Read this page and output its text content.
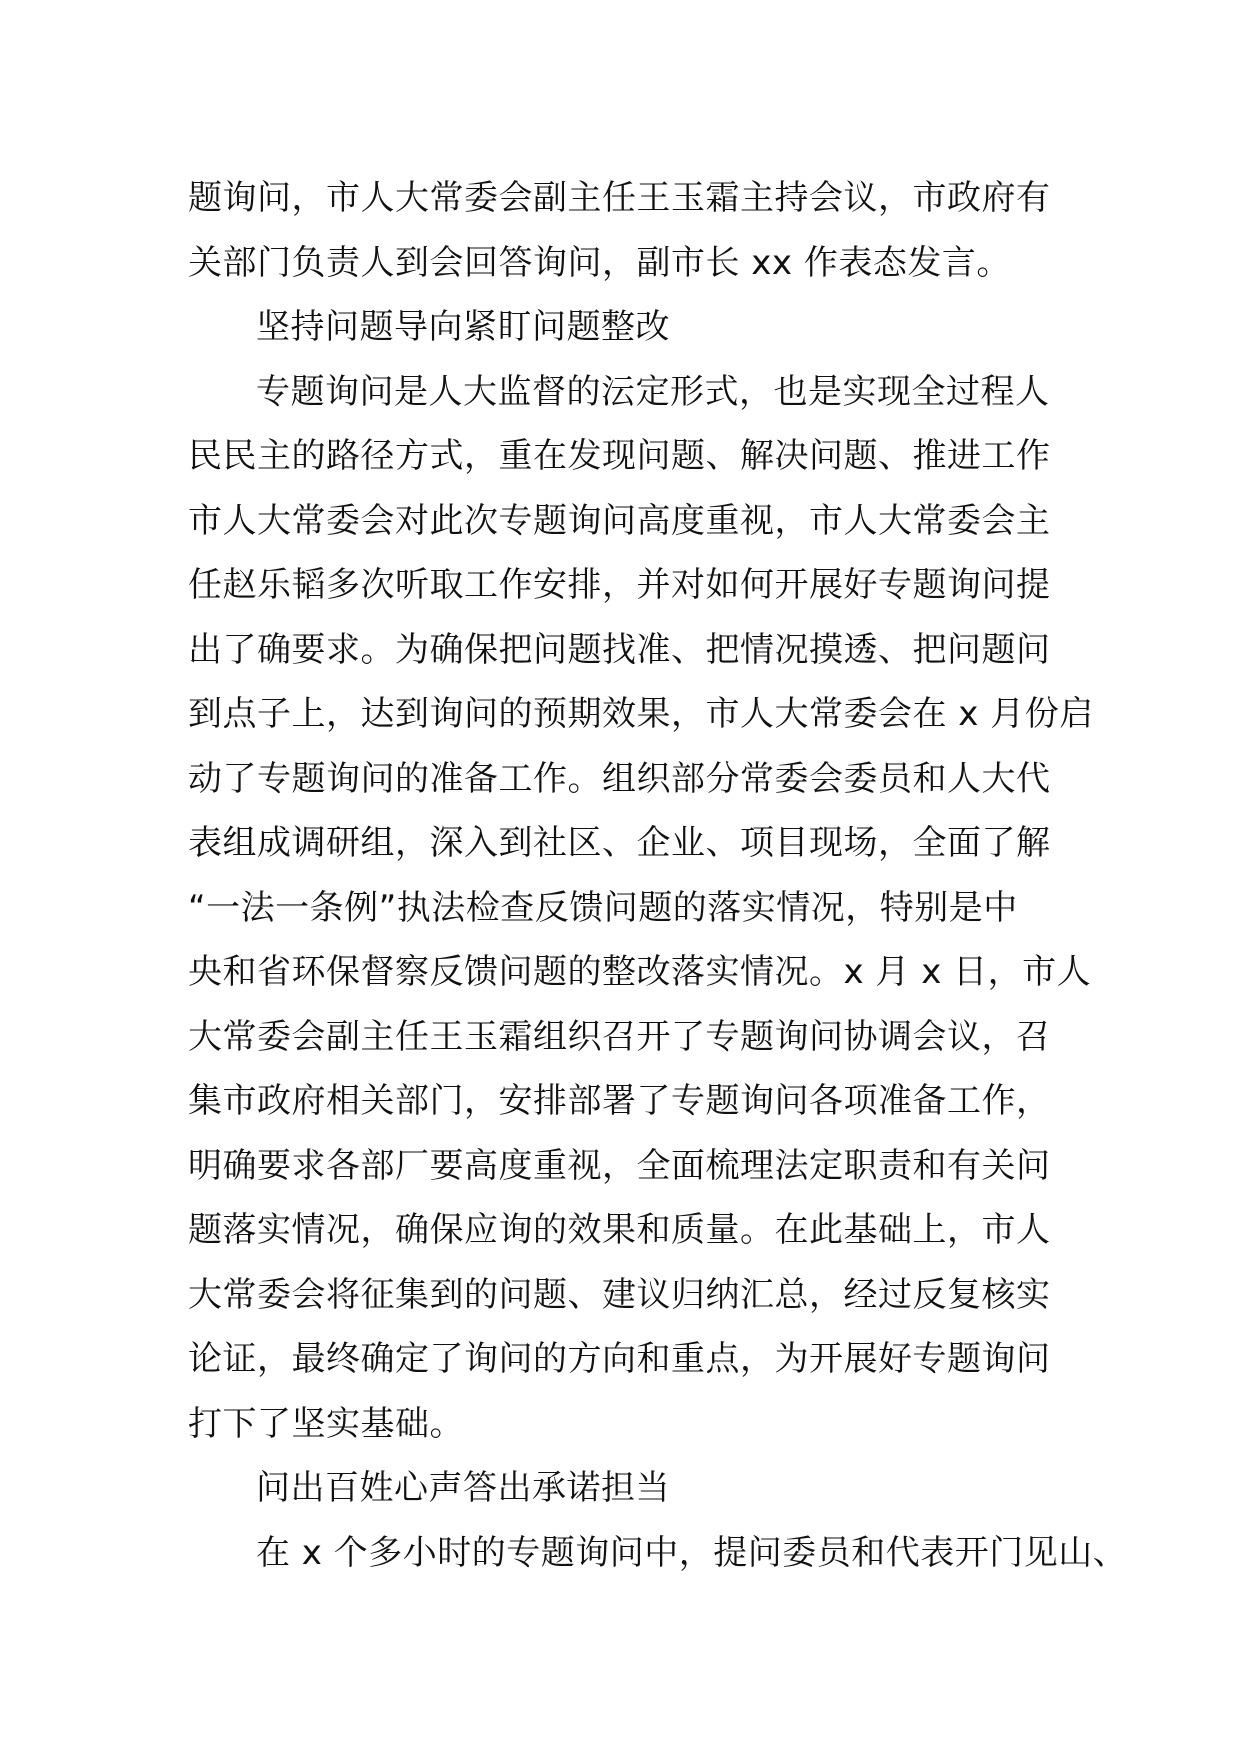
题询问，市人大常委会副主任王玉霜主持会议，市政府有
关部门负责人到会回答询问，副市长 xx 作表态发言。
坚持问题导向紧盯问题整改
专题询问是人大监督的沄定形式，也是实现全过程人
民民主的路径方式，重在发现问题、解决问题、推进工作
市人大常委会对此次专题询问高度重视，市人大常委会主
任赵乐韬多次听取工作安排，并对如何开展好专题询问提
出了确要求。为确保把问题找准、把情况摸透、把问题问
到点子上，达到询问的预期效果，市人大常委会在 x 月份启
动了专题询问的准备工作。组织部分常委会委员和人大代
表组成调研组，深入到社区、企业、项目现场，全面了解
“一法一条例”执法检查反馈问题的落实情况，特别是中
央和省环保督察反馈问题的整改落实情况。x 月 x 日，市人
大常委会副主任王玉霜组织召开了专题询问协调会议，召
集市政府相关部门，安排部署了专题询问各项准备工作，
明确要求各部厂要高度重视，全面梳理法定职责和有关问
题落实情况，确保应询的效果和质量。在此基础上，市人
大常委会将征集到的问题、建议归纳汇总，经过反复核实
论证，最终确定了询问的方向和重点，为开展好专题询问
打下了坚实基础。
问出百姓心声答出承诺担当
在 x 个多小时的专题询问中，提问委员和代表开门见山、
